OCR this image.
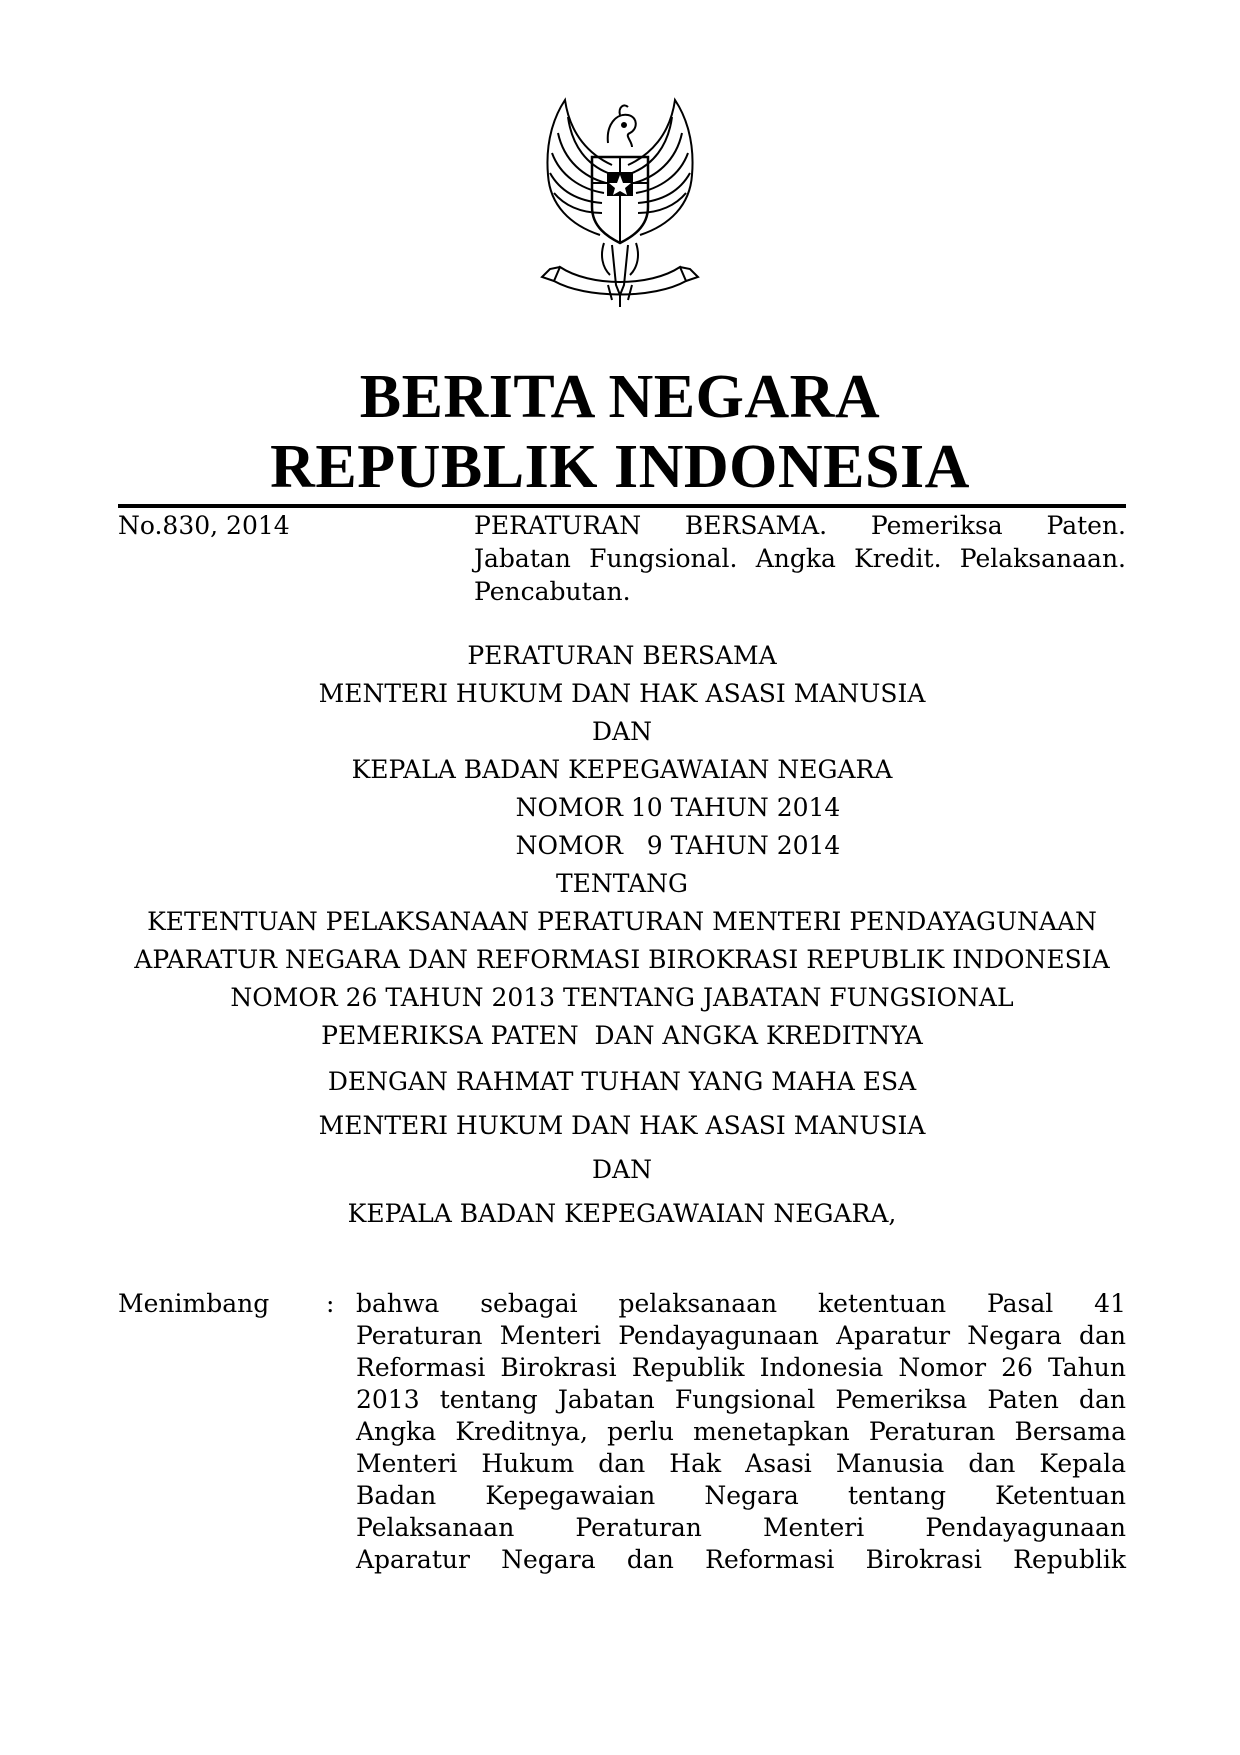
BERITA NEGARA
REPUBLIK INDONESIA
No.830, 2014	PERATURAN BERSAMA. Pemeriksa Paten.
Jabatan Fungsional. Angka Kredit. Pelaksanaan.
Pencabutan.
PERATURAN BERSAMA
MENTERI HUKUM DAN HAK ASASI MANUSIA
DAN
KEPALA BADAN KEPEGAWAIAN NEGARA
NOMOR 10 TAHUN 2014
NOMOR   9 TAHUN 2014
TENTANG
KETENTUAN PELAKSANAAN PERATURAN MENTERI PENDAYAGUNAAN
APARATUR NEGARA DAN REFORMASI BIROKRASI REPUBLIK INDONESIA
NOMOR 26 TAHUN 2013 TENTANG JABATAN FUNGSIONAL
PEMERIKSA PATEN  DAN ANGKA KREDITNYA
DENGAN RAHMAT TUHAN YANG MAHA ESA
MENTERI HUKUM DAN HAK ASASI MANUSIA
DAN
KEPALA BADAN KEPEGAWAIAN NEGARA,
Menimbang : bahwa sebagai pelaksanaan ketentuan Pasal 41
Peraturan Menteri Pendayagunaan Aparatur Negara dan
Reformasi Birokrasi Republik Indonesia Nomor 26 Tahun
2013 tentang Jabatan Fungsional Pemeriksa Paten dan
Angka Kreditnya, perlu menetapkan Peraturan Bersama
Menteri Hukum dan Hak Asasi Manusia dan Kepala
Badan Kepegawaian Negara tentang Ketentuan
Pelaksanaan Peraturan Menteri Pendayagunaan
Aparatur Negara dan Reformasi Birokrasi Republik
